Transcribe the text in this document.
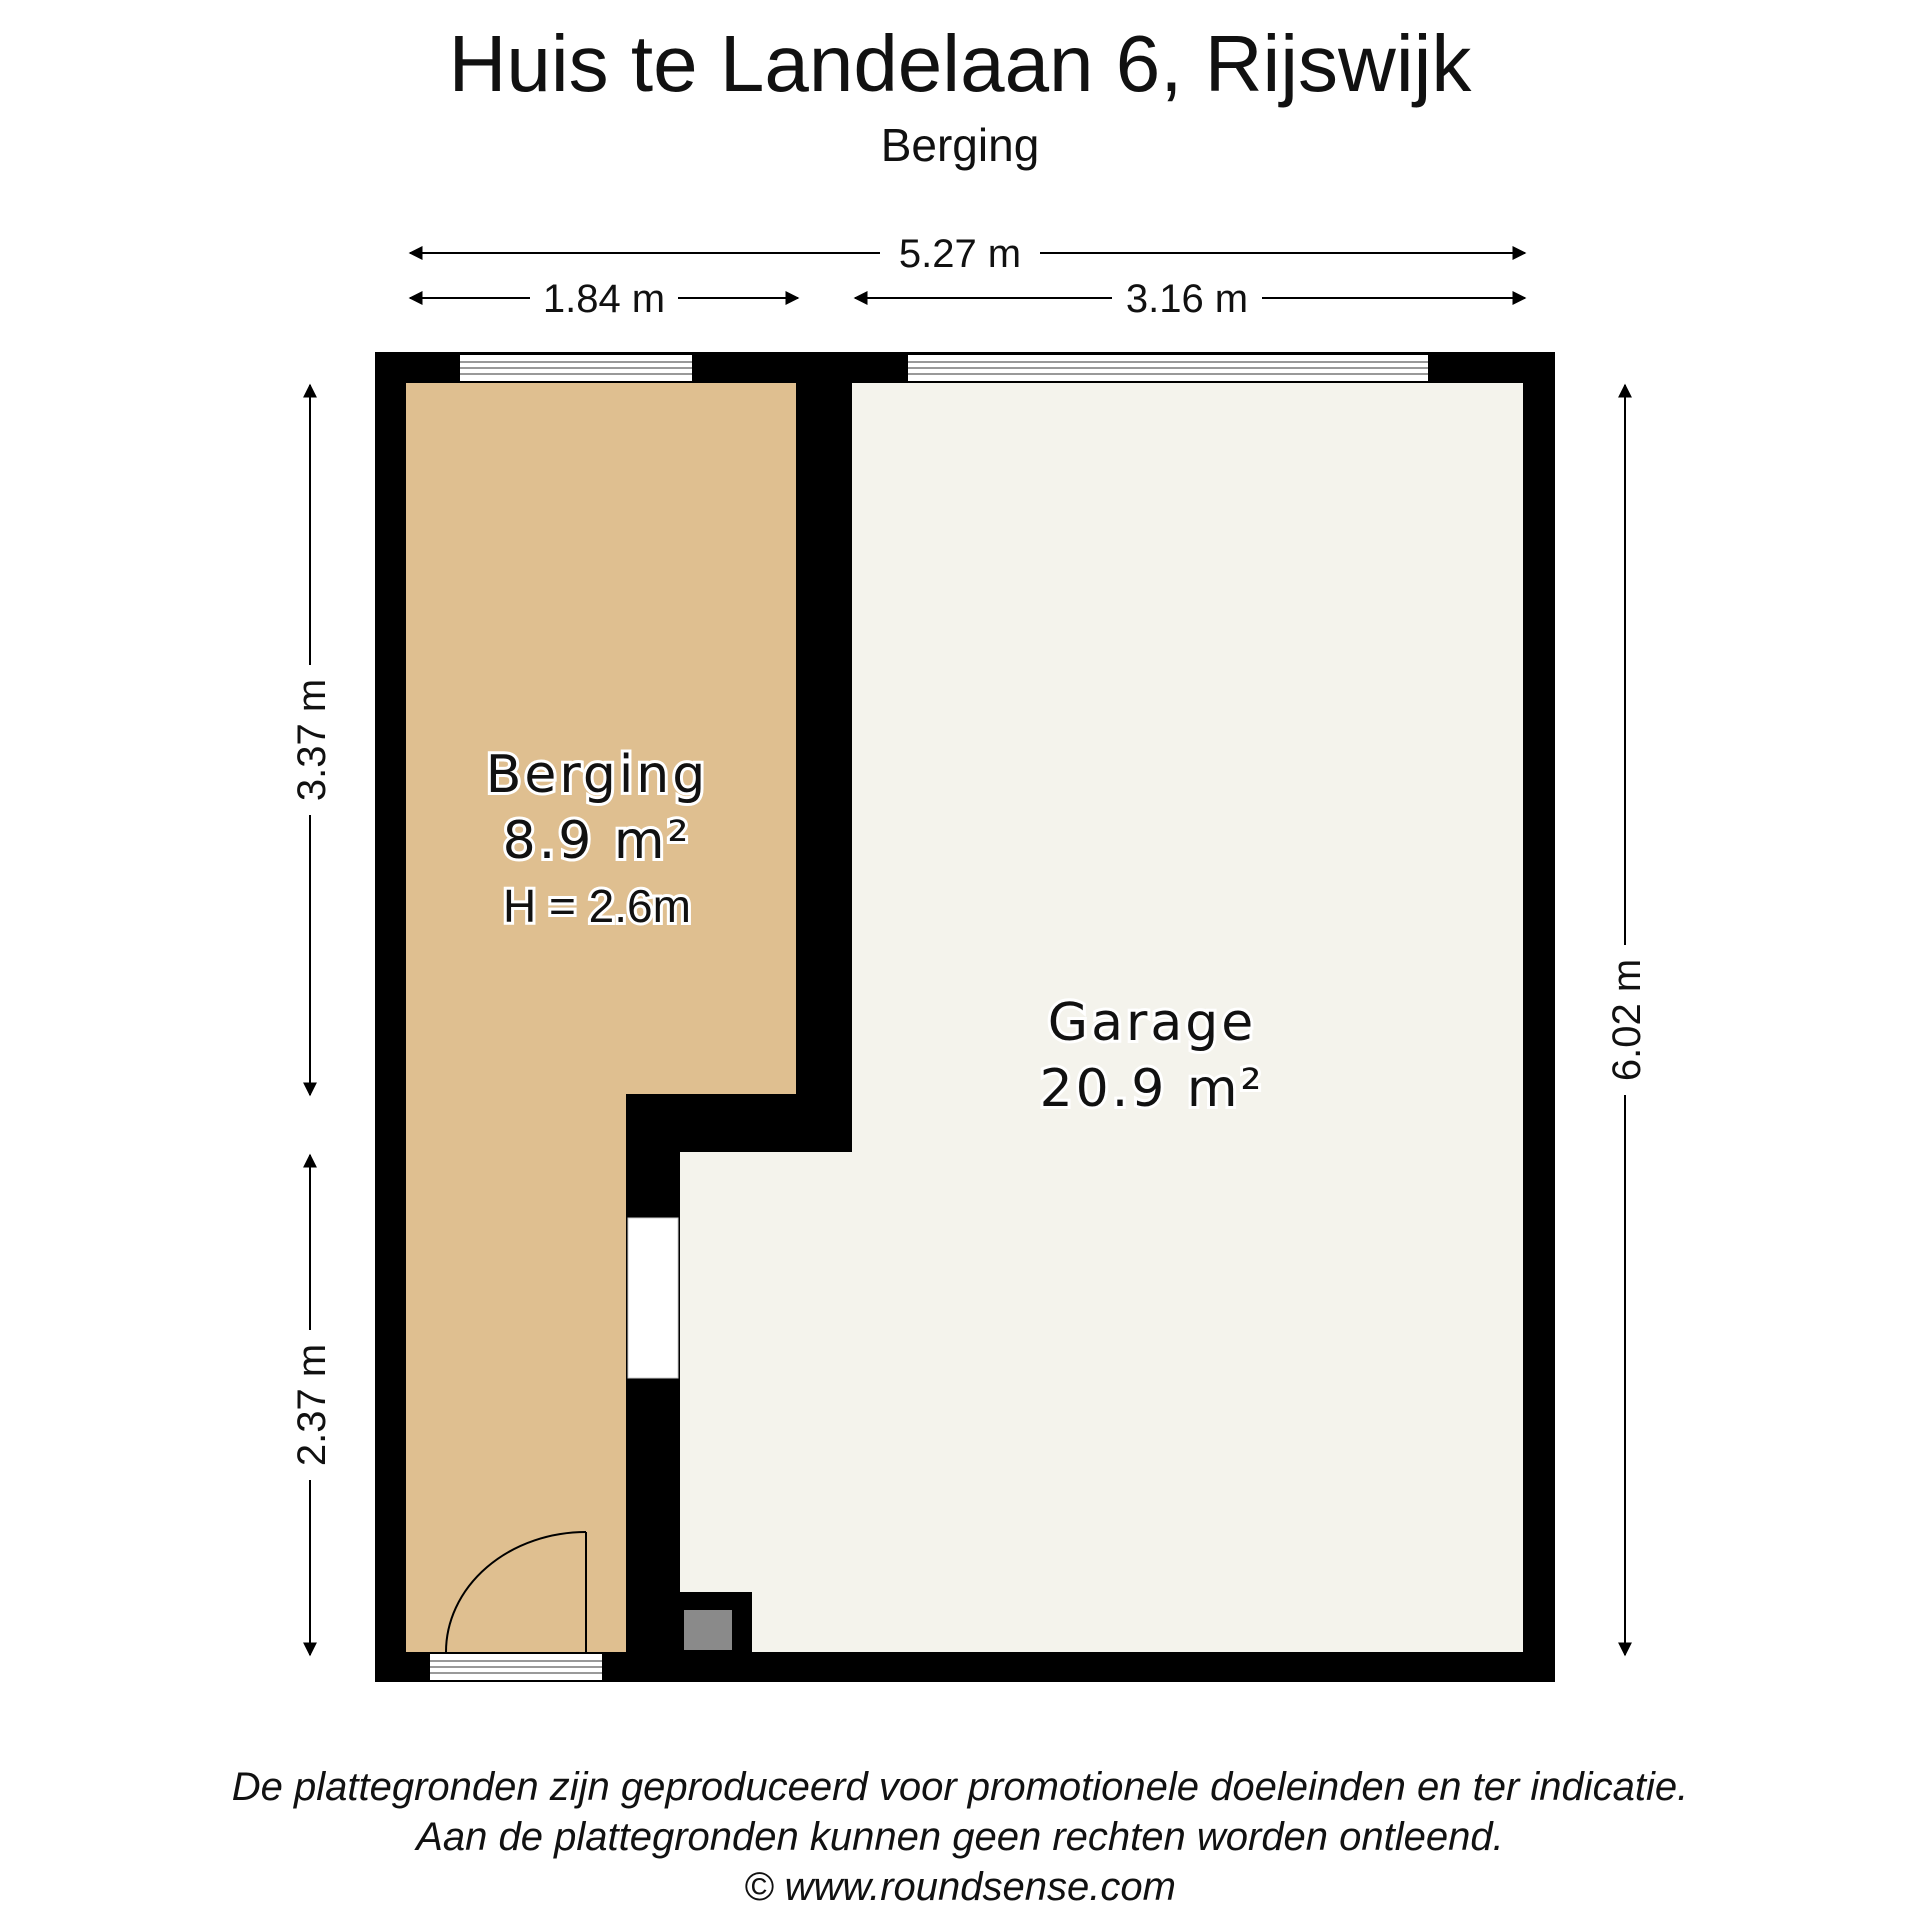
Huis te Landelaan 6, Rijswijk
Berging
5.27 m
1.84 m	3.16 m
3.37 m
2.37 m
6.02 m
Berging
8.9 m²
H = 2.6m
Garage
20.9 m²
De plattegronden zijn geproduceerd voor promotionele doeleinden en ter indicatie.
Aan de plattegronden kunnen geen rechten worden ontleend.
© www.roundsense.com
